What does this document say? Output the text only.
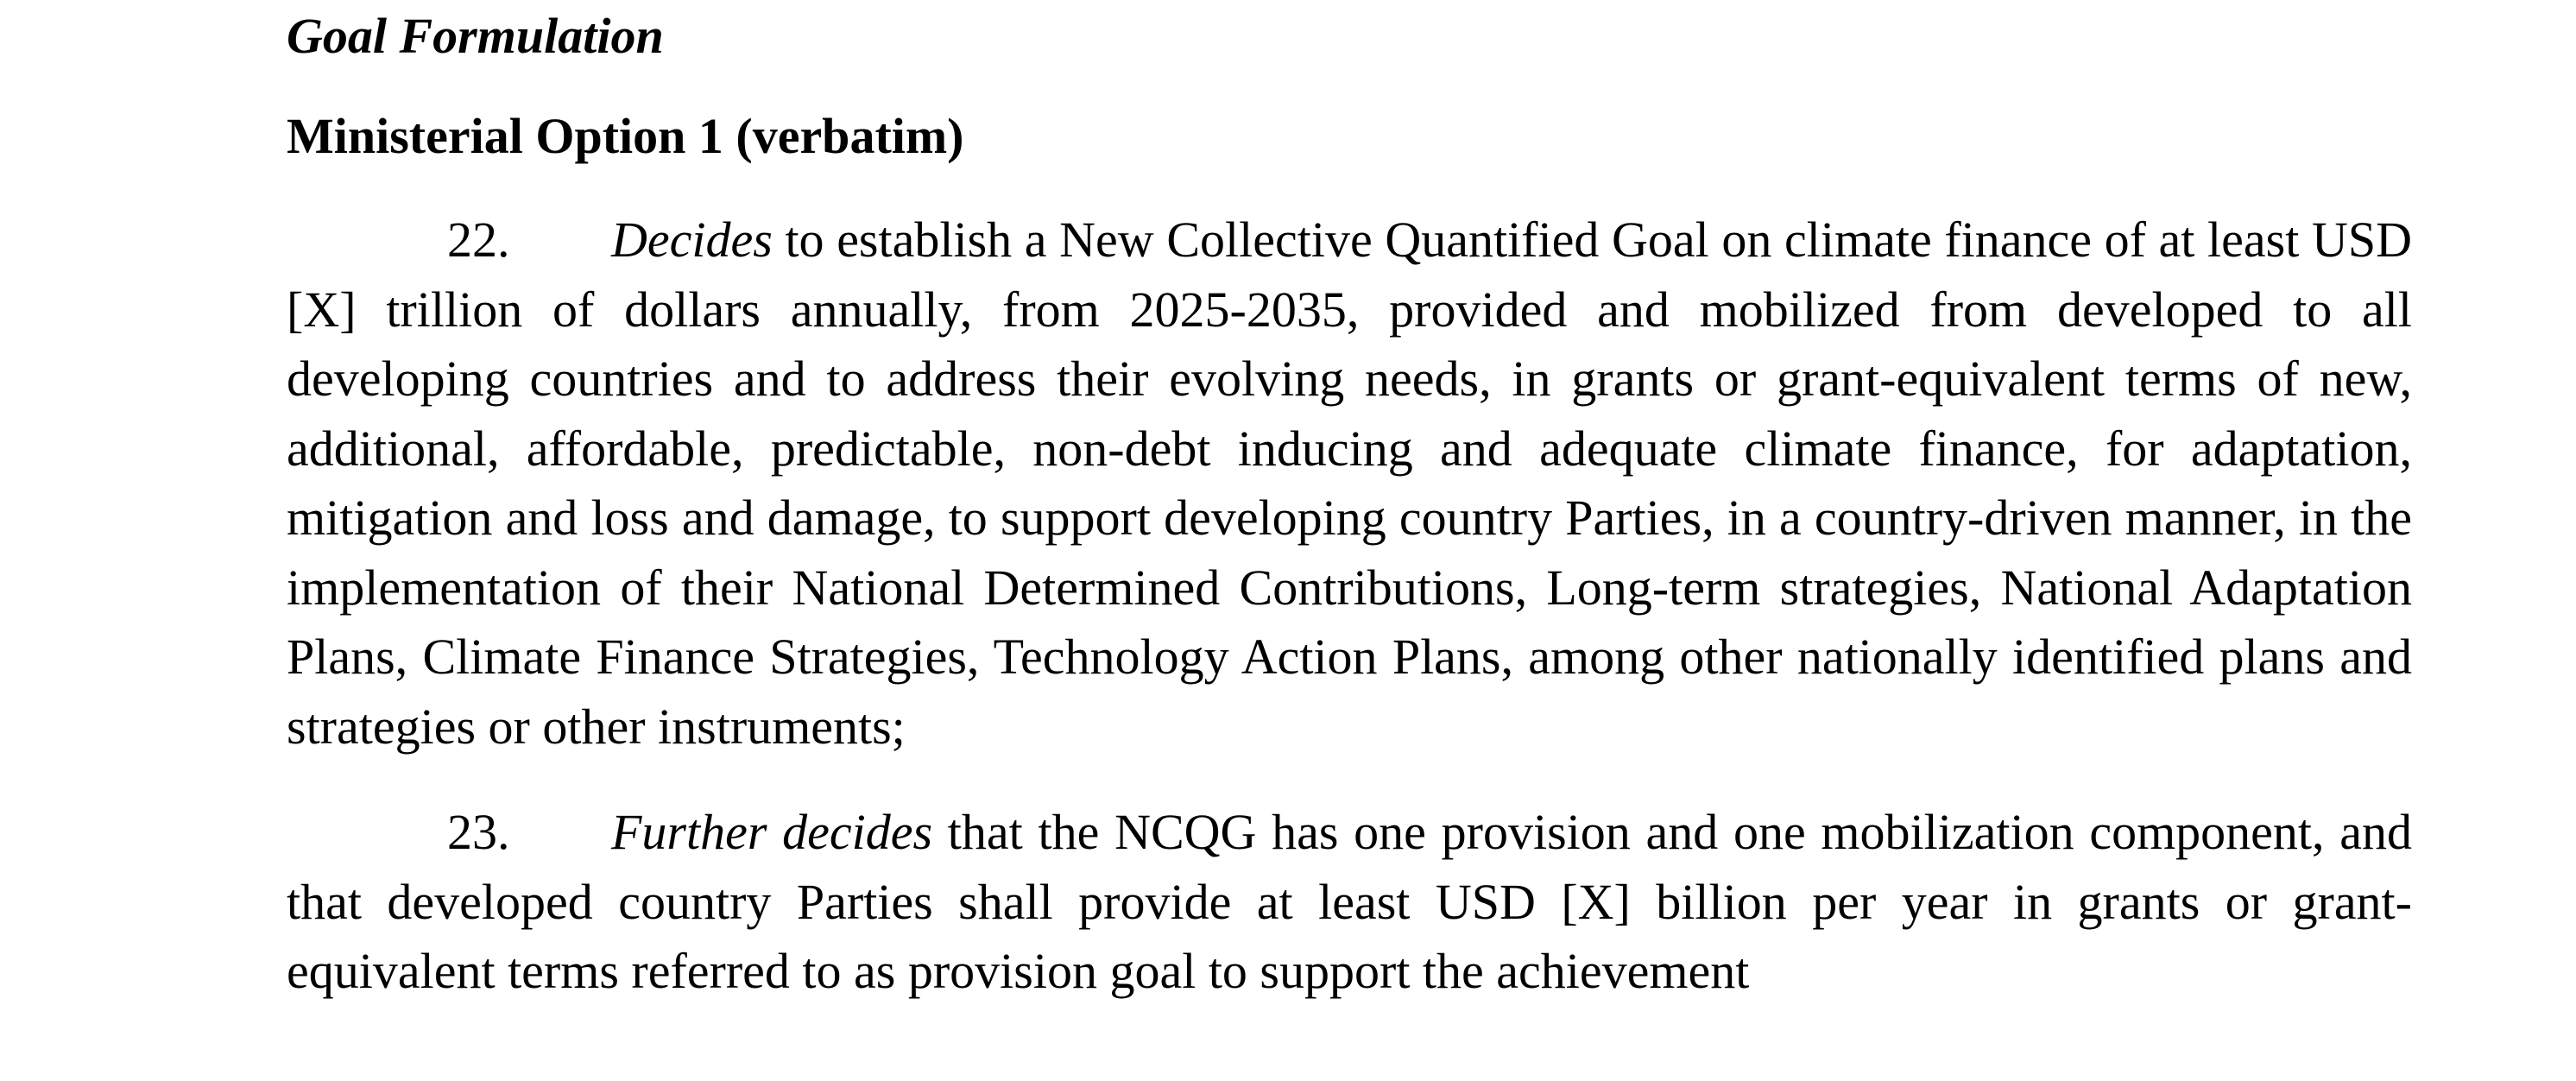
Goal Formulation

Ministerial Option 1 (verbatim)

22. Decides to establish a New Collective Quantified Goal on climate finance of at least USD [X] trillion of dollars annually, from 2025-2035, provided and mobilized from developed to all developing countries and to address their evolving needs, in grants or grant-equivalent terms of new, additional, affordable, predictable, non-debt inducing and adequate climate finance, for adaptation, mitigation and loss and damage, to support developing country Parties, in a country-driven manner, in the implementation of their National Determined Contributions, Long-term strategies, National Adaptation Plans, Climate Finance Strategies, Technology Action Plans, among other nationally identified plans and strategies or other instruments;

23. Further decides that the NCQG has one provision and one mobilization component, and that developed country Parties shall provide at least USD [X] billion per year in grants or grant-equivalent terms referred to as provision goal to support the achievement
